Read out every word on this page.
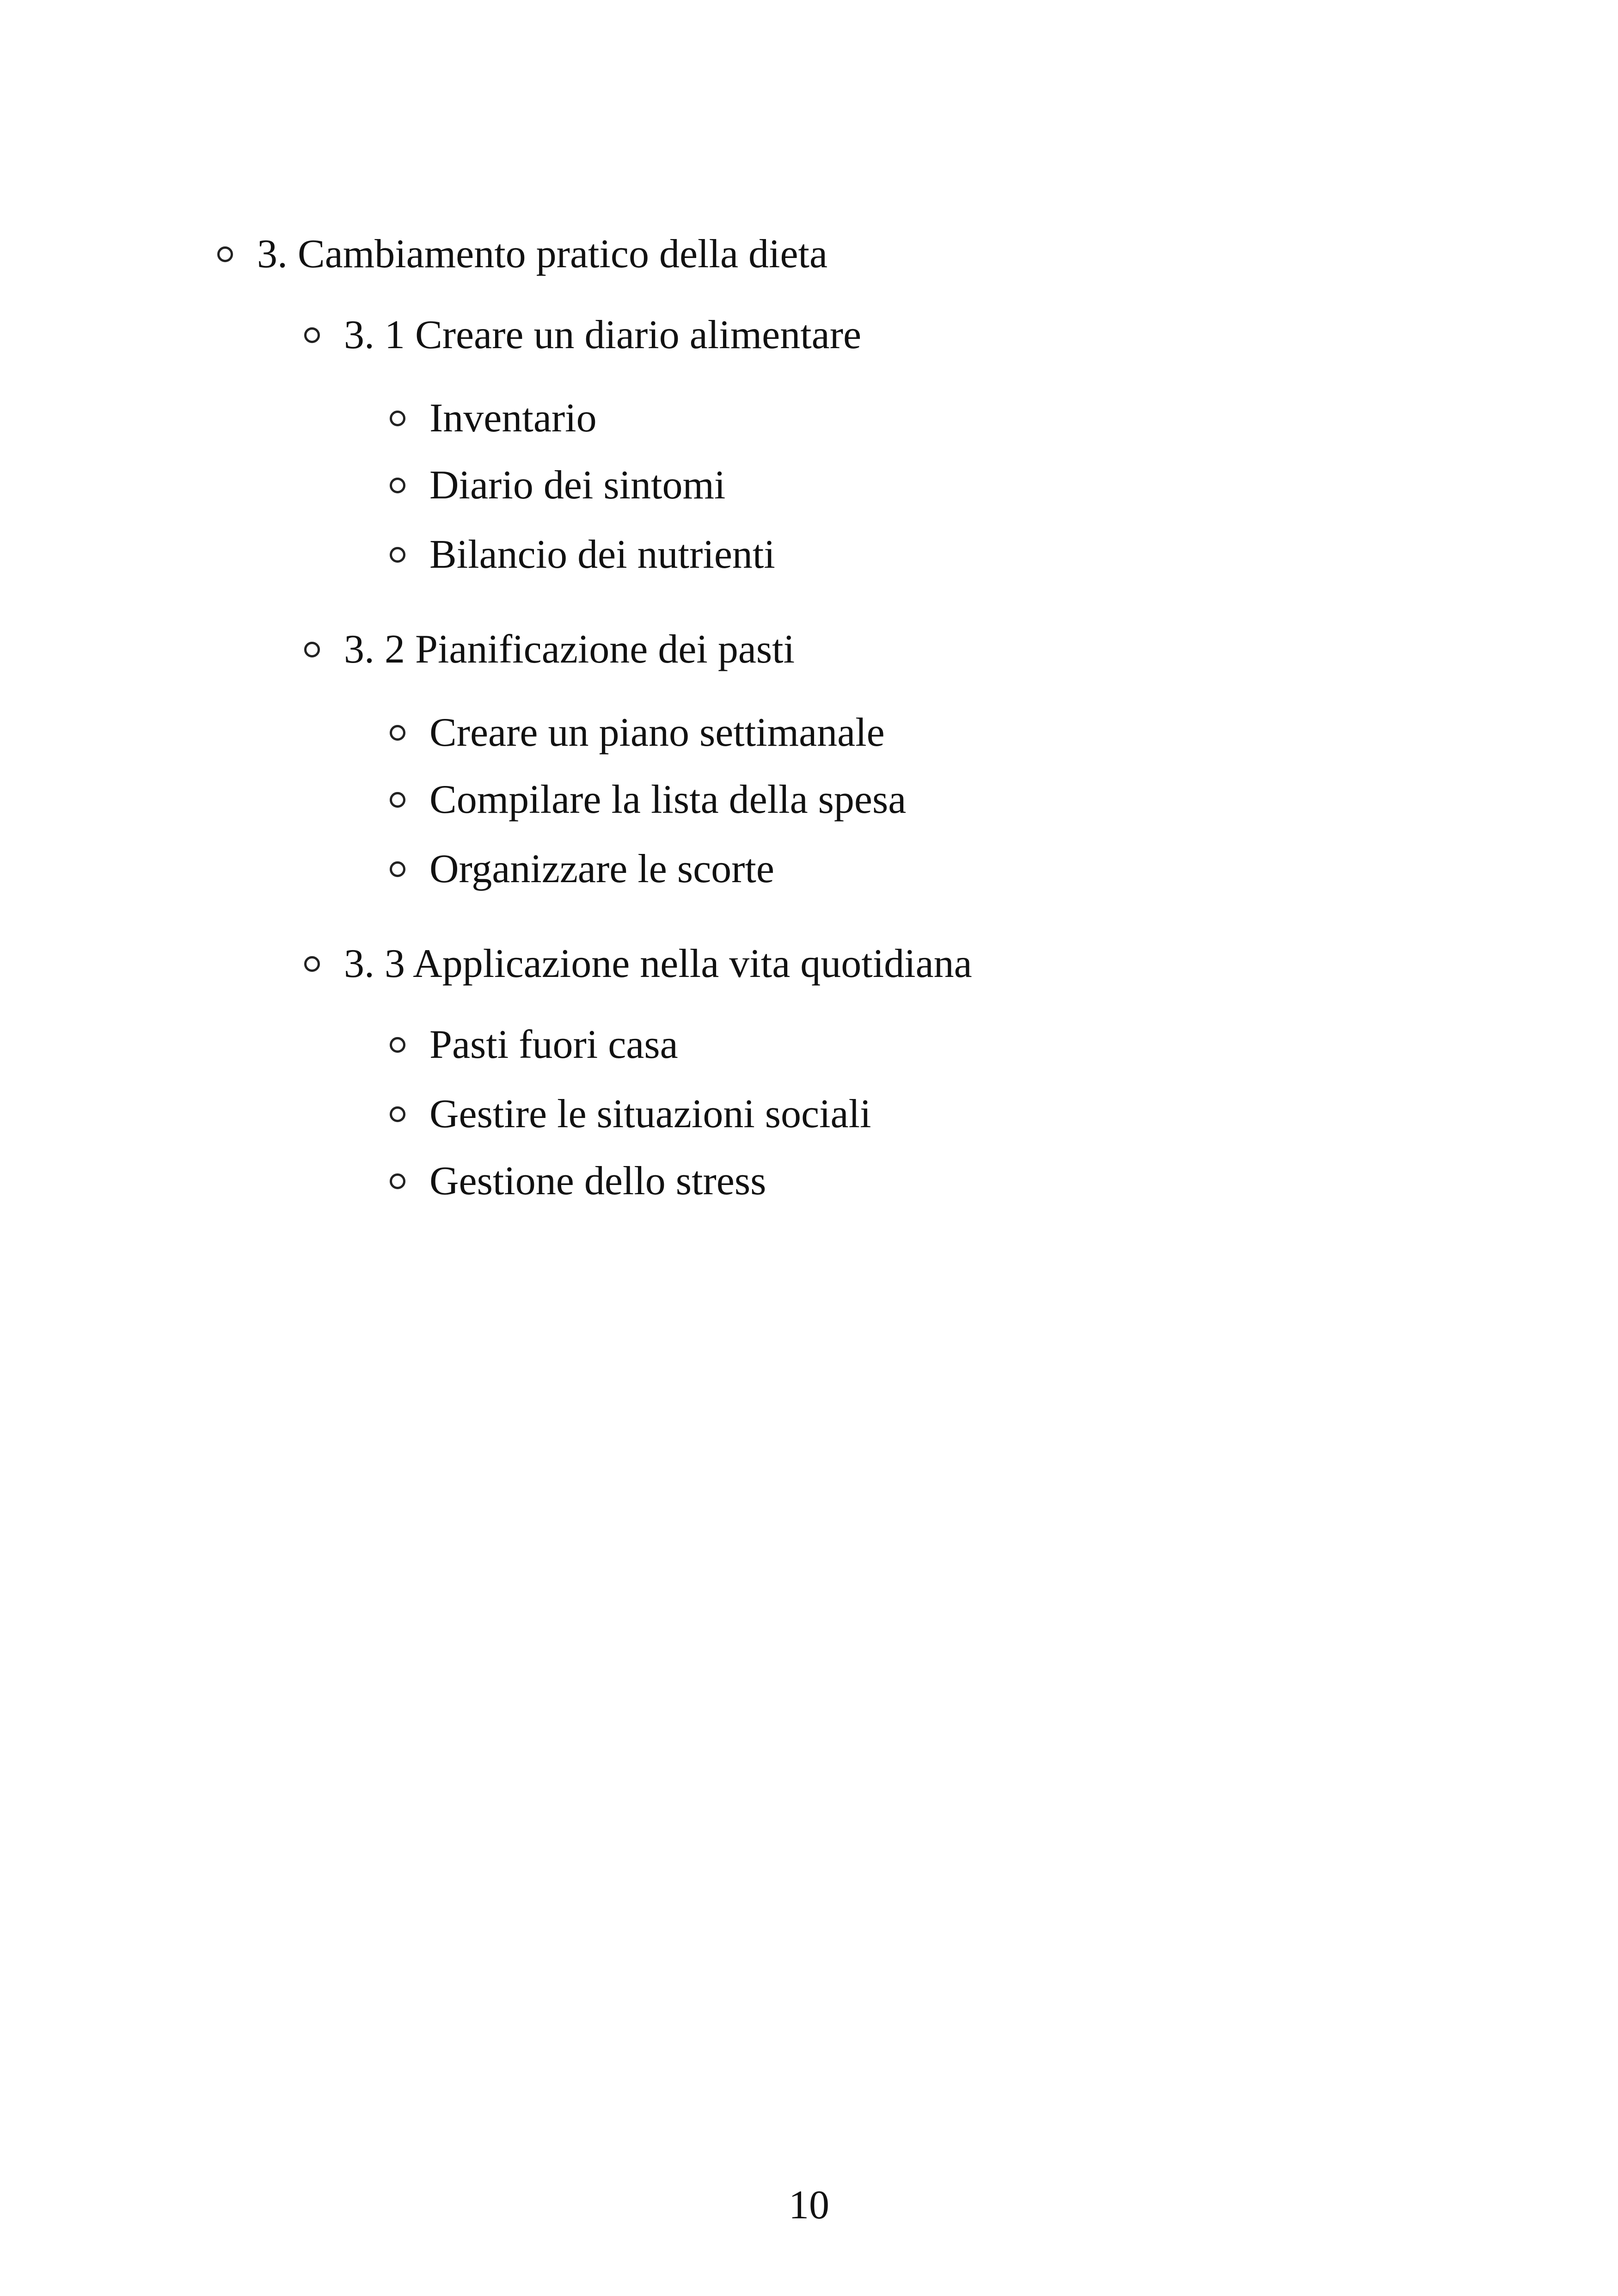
3. Cambiamento pratico della dieta
3. 1 Creare un diario alimentare
Inventario
Diario dei sintomi
Bilancio dei nutrienti
3. 2 Pianificazione dei pasti
Creare un piano settimanale
Compilare la lista della spesa
Organizzare le scorte
3. 3 Applicazione nella vita quotidiana
Pasti fuori casa
Gestire le situazioni sociali
Gestione dello stress
10
